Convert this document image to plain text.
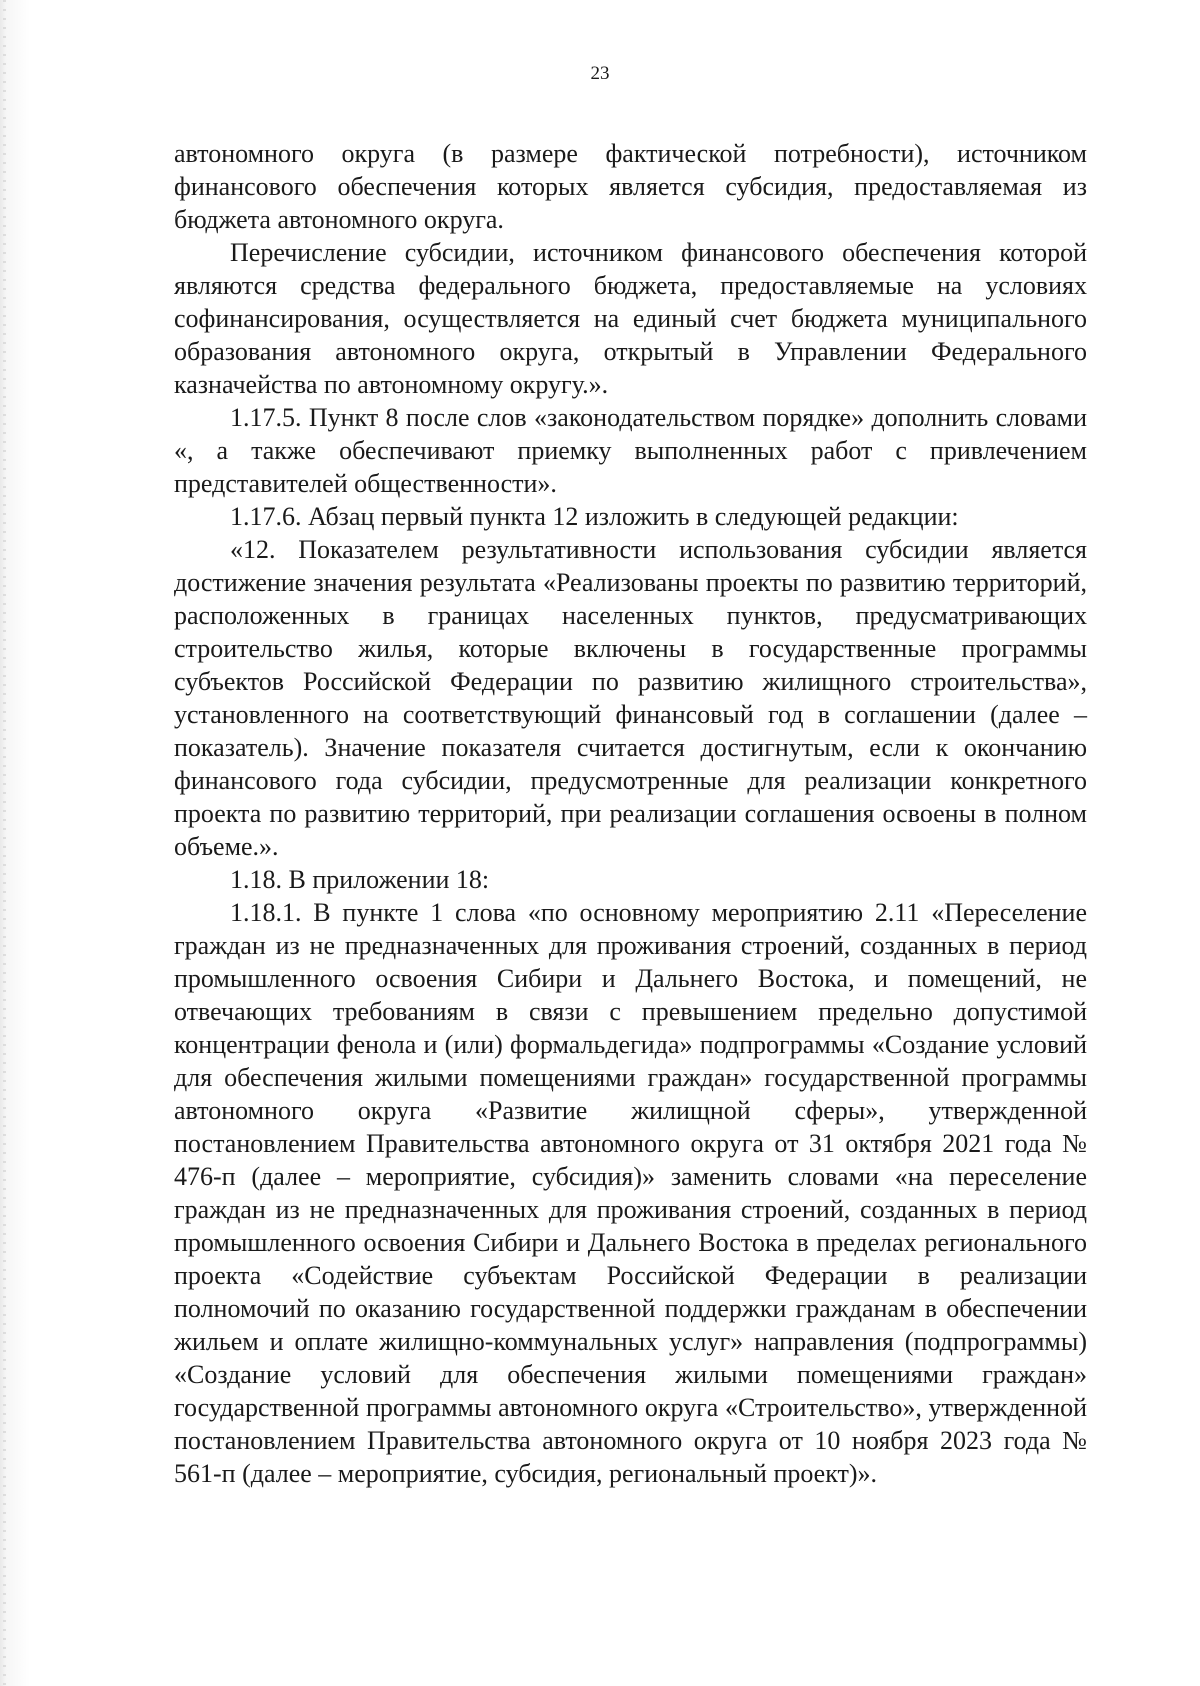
23

автономного округа (в размере фактической потребности), источником финансового обеспечения которых является субсидия, предоставляемая из бюджета автономного округа.

Перечисление субсидии, источником финансового обеспечения которой являются средства федерального бюджета, предоставляемые на условиях софинансирования, осуществляется на единый счет бюджета муниципального образования автономного округа, открытый в Управлении Федерального казначейства по автономному округу.».

1.17.5. Пункт 8 после слов «законодательством порядке» дополнить словами «, а также обеспечивают приемку выполненных работ с привлечением представителей общественности».

1.17.6. Абзац первый пункта 12 изложить в следующей редакции:

«12. Показателем результативности использования субсидии является достижение значения результата «Реализованы проекты по развитию территорий, расположенных в границах населенных пунктов, предусматривающих строительство жилья, которые включены в государственные программы субъектов Российской Федерации по развитию жилищного строительства», установленного на соответствующий финансовый год в соглашении (далее – показатель). Значение показателя считается достигнутым, если к окончанию финансового года субсидии, предусмотренные для реализации конкретного проекта по развитию территорий, при реализации соглашения освоены в полном объеме.».

1.18. В приложении 18:

1.18.1. В пункте 1 слова «по основному мероприятию 2.11 «Переселение граждан из не предназначенных для проживания строений, созданных в период промышленного освоения Сибири и Дальнего Востока, и помещений, не отвечающих требованиям в связи с превышением предельно допустимой концентрации фенола и (или) формальдегида» подпрограммы «Создание условий для обеспечения жилыми помещениями граждан» государственной программы автономного округа «Развитие жилищной сферы», утвержденной постановлением Правительства автономного округа от 31 октября 2021 года № 476-п (далее – мероприятие, субсидия)» заменить словами «на переселение граждан из не предназначенных для проживания строений, созданных в период промышленного освоения Сибири и Дальнего Востока в пределах регионального проекта «Содействие субъектам Российской Федерации в реализации полномочий по оказанию государственной поддержки гражданам в обеспечении жильем и оплате жилищно-коммунальных услуг» направления (подпрограммы) «Создание условий для обеспечения жилыми помещениями граждан» государственной программы автономного округа «Строительство», утвержденной постановлением Правительства автономного округа от 10 ноября 2023 года № 561-п (далее – мероприятие, субсидия, региональный проект)».
